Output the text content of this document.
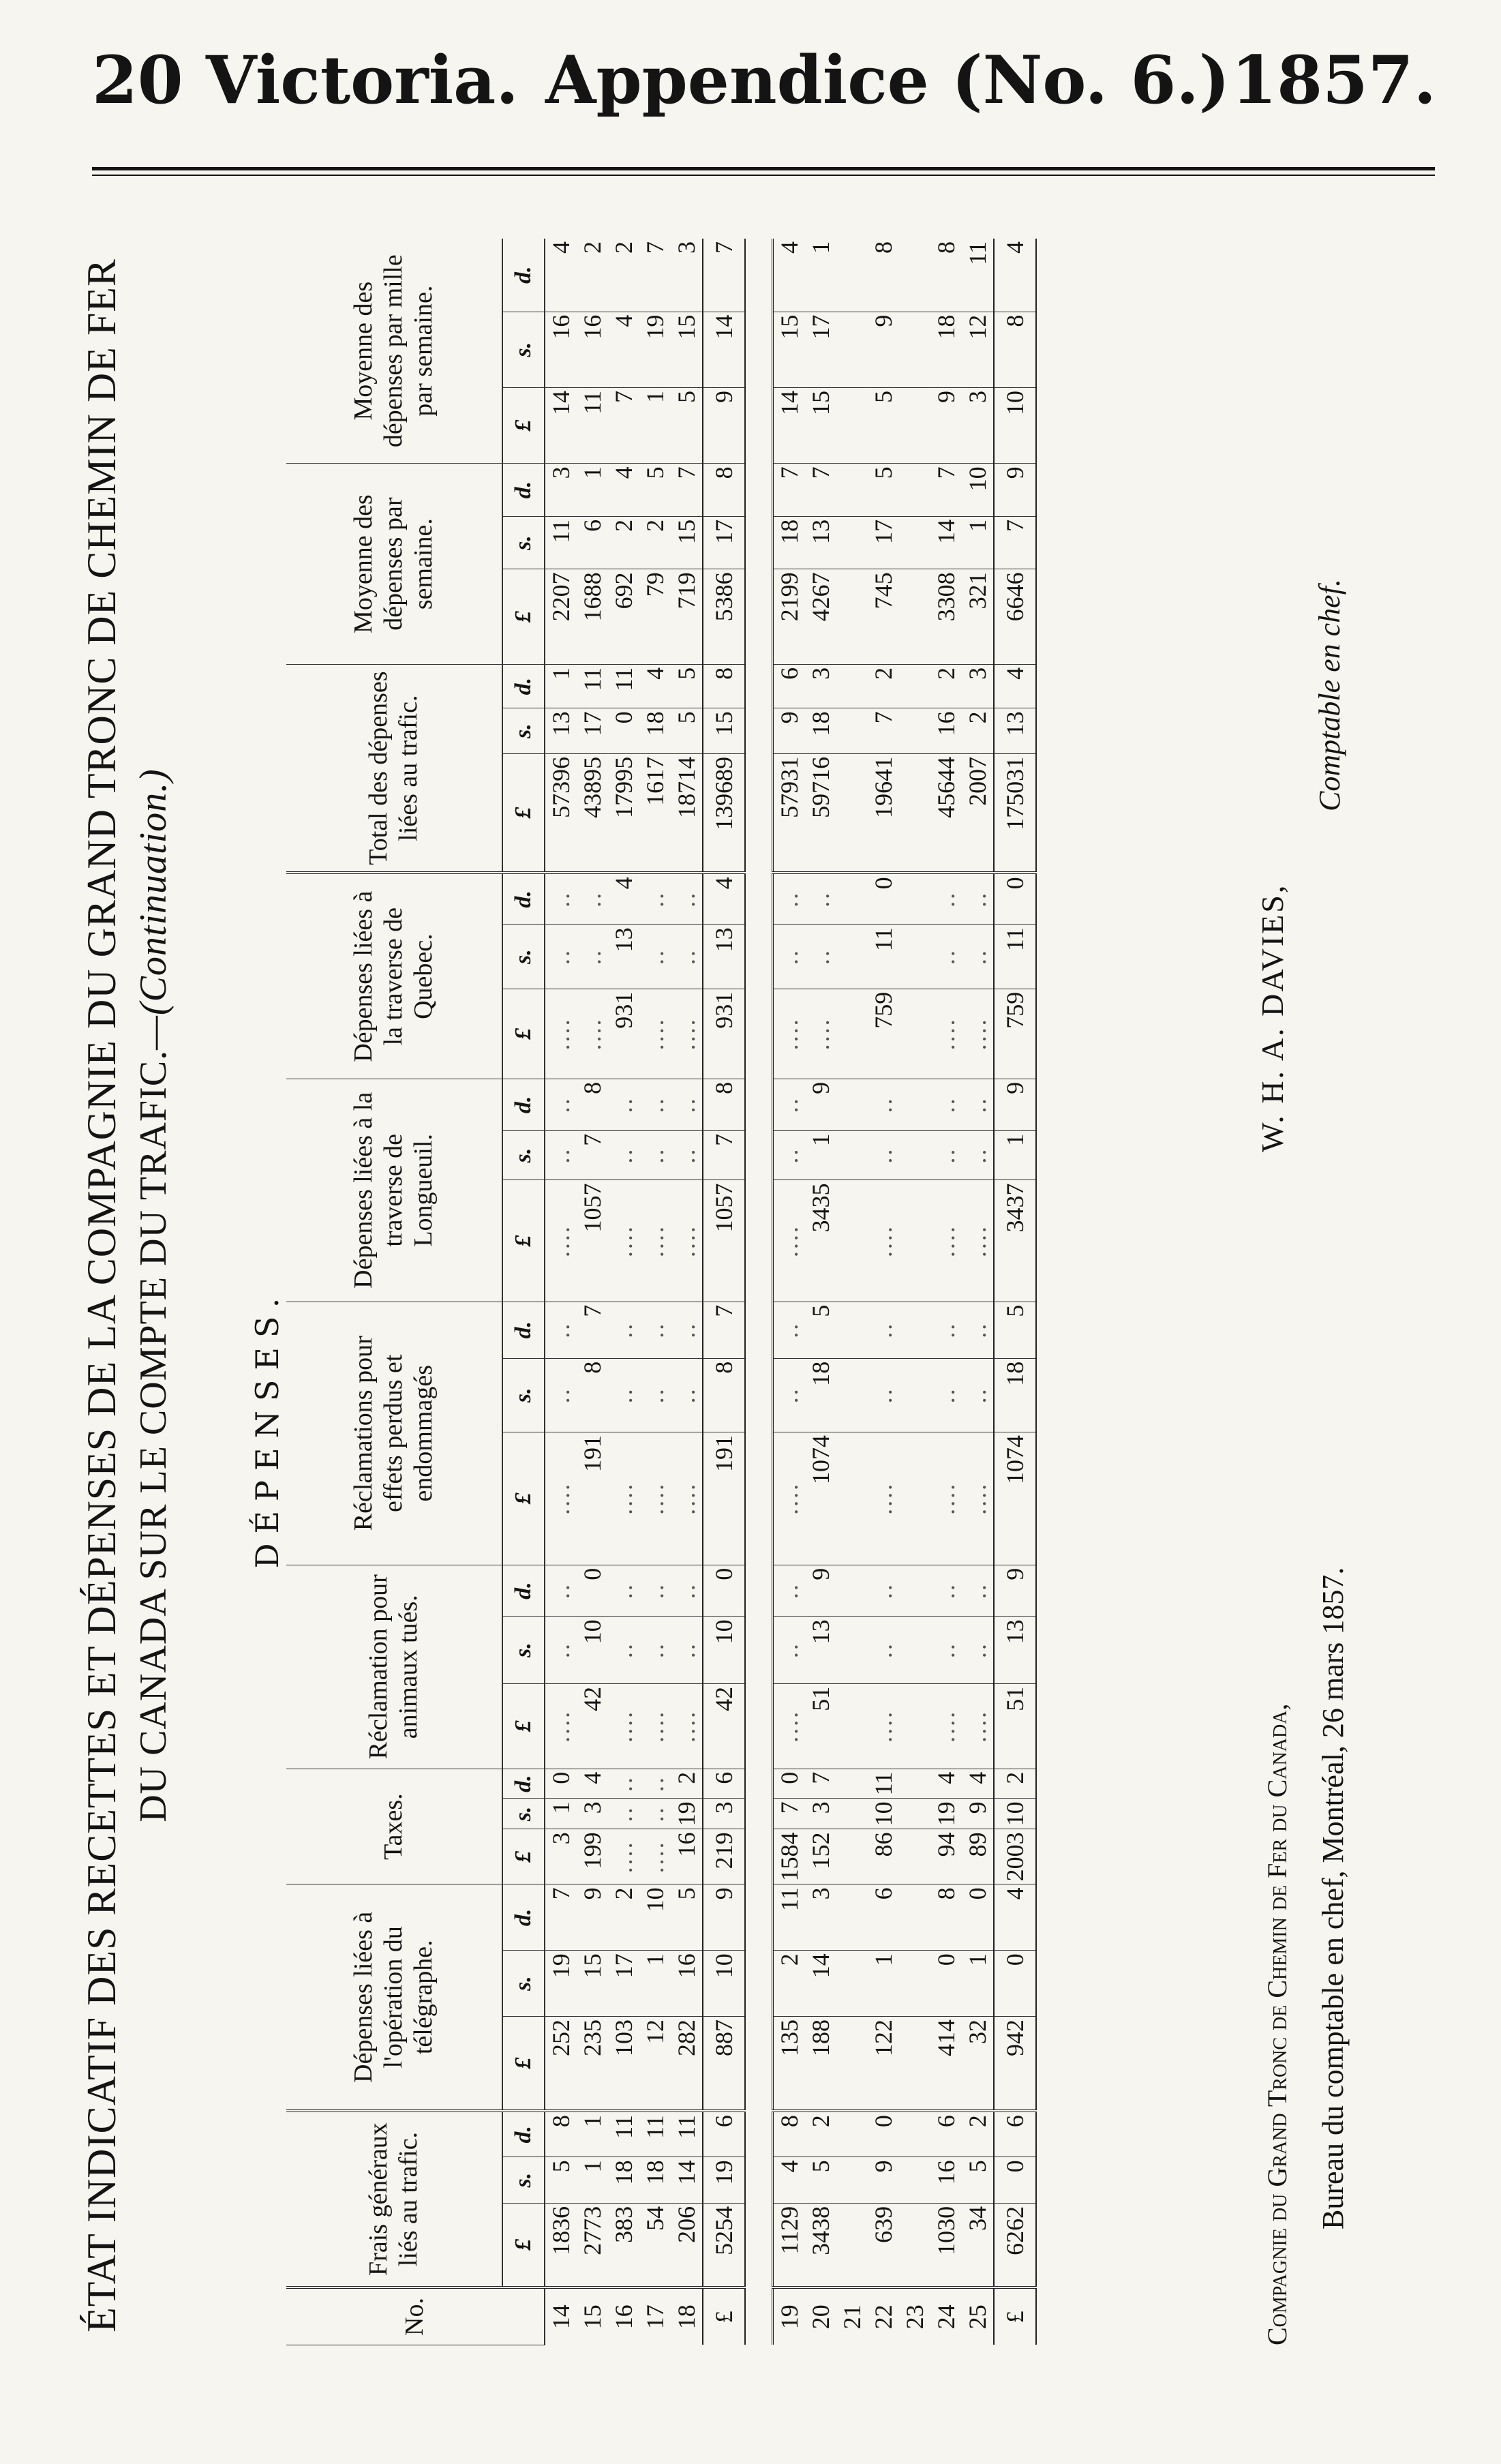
20 Victoria. Appendice (No. 6.) 1857.
ÉTAT INDICATIF DES RECETTES ET DÉPENSES DE LA COMPAGNIE DU GRAND TRONC DE CHEMIN DE FER DU CANADA SUR LE COMPTE DU TRAFIC.—(Continuation.)
DÉPENSES.
No.	Frais généraux liés au trafic.			Dépenses liées à l'opération du télégraphe.			Taxes.			Réclamation pour animaux tués.			Réclamations pour effets perdus et endommagés			Dépenses liées à la traverse de Longueuil.			Dépenses liées à la traverse de Quebec.			Total des dépenses liées au trafic.			Moyenne des dépenses par semaine.			Moyenne des dépenses par mille par semaine.		
	£	s.	d.	£	s.	d.	£	s.	d.	£	s.	d.	£	s.	d.	£	s.	d.	£	s.	d.	£	s.	d.	£	s.	d.	£	s.	d.
14	1836	5	8	252	19	7	3	1	0	....	..	..	....	..	..	....	..	..	....	..	..	57396	13	1	2207	11	3	14	16	4
15	2773	1	1	235	15	9	199	3	4	42	10	0	191	8	7	1057	7	8	....	..	..	43895	17	11	1688	6	1	11	16	2
16	383	18	11	103	17	2	....	..	..	....	..	..	....	..	..	....	..	..	931	13	4	17995	0	11	692	2	4	7	4	2
17	54	18	11	12	1	10	....	..	..	....	..	..	....	..	..	....	..	..	....	..	..	1617	18	4	79	2	5	1	19	7
18	206	14	11	282	16	5	16	19	2	....	..	..	....	..	..	....	..	..	....	..	..	18714	5	5	719	15	7	5	15	3
£	5254	19	6	887	10	9	219	3	6	42	10	0	191	8	7	1057	7	8	931	13	4	139689	15	8	5386	17	8	9	14	7

19	1129	4	8	135	2	11	1584	7	0	....	..	..	....	..	..	....	..	..	....	..	..	57931	9	6	2199	18	7	14	15	4
20	3438	5	2	188	14	3	152	3	7	51	13	9	1074	18	5	3435	1	9	....	..	..	59716	18	3	4267	13	7	15	17	1
21																														
22	639	9	0	122	1	6	86	10	11	....	..	..	....	..	..	....	..	..	759	11	0	19641	7	2	745	17	5	5	9	8
23																														
24	1030	16	6	414	0	8	94	19	4	....	..	..	....	..	..	....	..	..	....	..	..	45644	16	2	3308	14	7	9	18	8
25	34	5	2	32	1	0	89	9	4	....	..	..	....	..	..	....	..	..	....	..	..	2007	2	3	321	1	10	3	12	11
£	6262	0	6	942	0	4	2003	10	2	51	13	9	1074	18	5	3437	1	9	759	11	0	175031	13	4	6646	7	9	10	8	4
Compagnie du Grand Tronc de Chemin de Fer du Canada, Bureau du comptable en chef, Montréal, 26 mars 1857.
W. H. A. DAVIES,
Comptable en chef.
